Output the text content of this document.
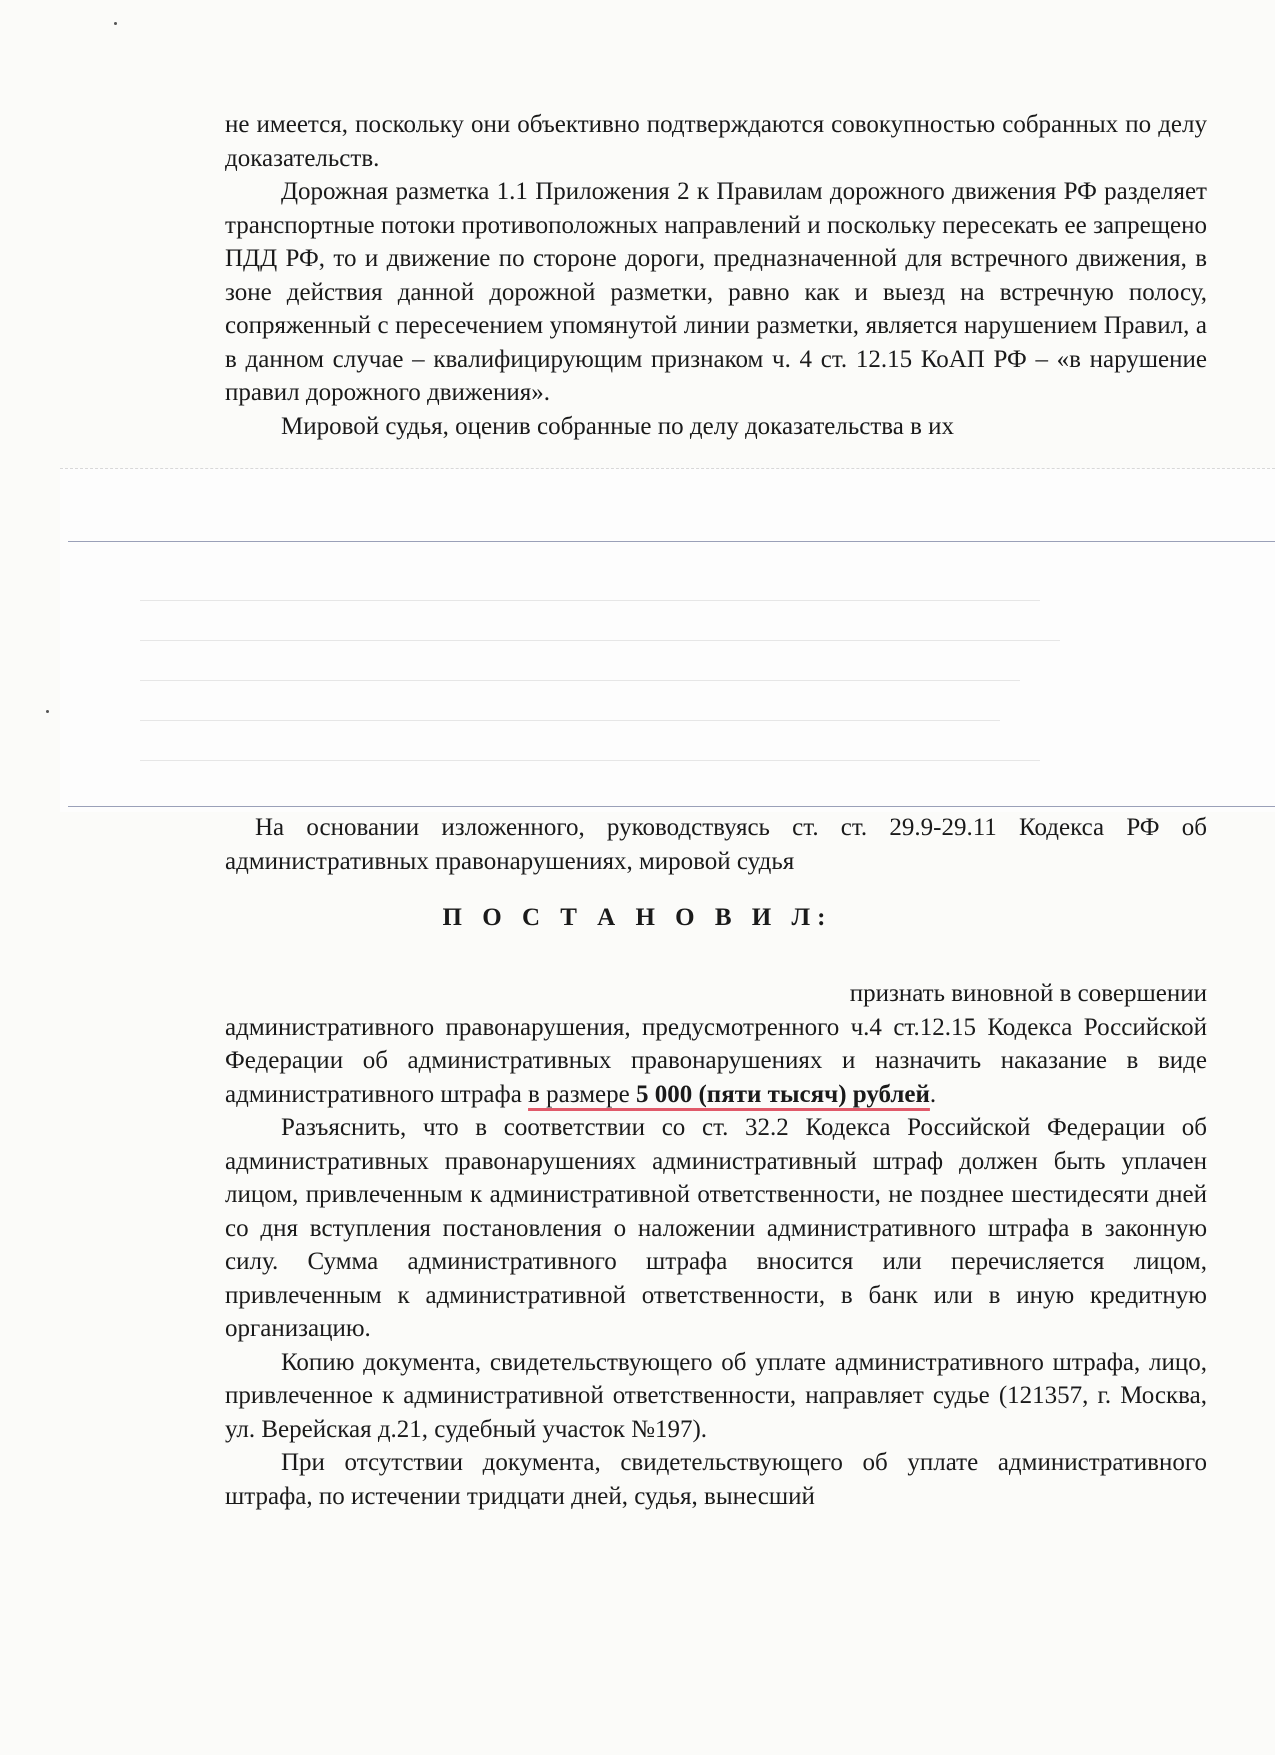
не имеется, поскольку они объективно подтверждаются совокупностью собранных по делу доказательств.

Дорожная разметка 1.1 Приложения 2 к Правилам дорожного движения РФ разделяет транспортные потоки противоположных направлений и поскольку пересекать ее запрещено ПДД РФ, то и движение по стороне дороги, предназначенной для встречного движения, в зоне действия данной дорожной разметки, равно как и выезд на встречную полосу, сопряженный с пересечением упомянутой линии разметки, является нарушением Правил, а в данном случае – квалифицирующим признаком ч. 4 ст. 12.15 КоАП РФ – «в нарушение правил дорожного движения».

Мировой судья, оценив собранные по делу доказательства в их

На основании изложенного, руководствуясь ст. ст. 29.9-29.11 Кодекса РФ об административных правонарушениях, мировой судья

П О С Т А Н О В И Л:

признать виновной в совершении

административного правонарушения, предусмотренного ч.4 ст.12.15 Кодекса Российской Федерации об административных правонарушениях и назначить наказание в виде административного штрафа в размере 5 000 (пяти тысяч) рублей.

Разъяснить, что в соответствии со ст. 32.2 Кодекса Российской Федерации об административных правонарушениях административный штраф должен быть уплачен лицом, привлеченным к административной ответственности, не позднее шестидесяти дней со дня вступления постановления о наложении административного штрафа в законную силу. Сумма административного штрафа вносится или перечисляется лицом, привлеченным к административной ответственности, в банк или в иную кредитную организацию.

Копию документа, свидетельствующего об уплате административного штрафа, лицо, привлеченное к административной ответственности, направляет судье (121357, г. Москва, ул. Верейская д.21, судебный участок №197).

При отсутствии документа, свидетельствующего об уплате административного штрафа, по истечении тридцати дней, судья, вынесший
